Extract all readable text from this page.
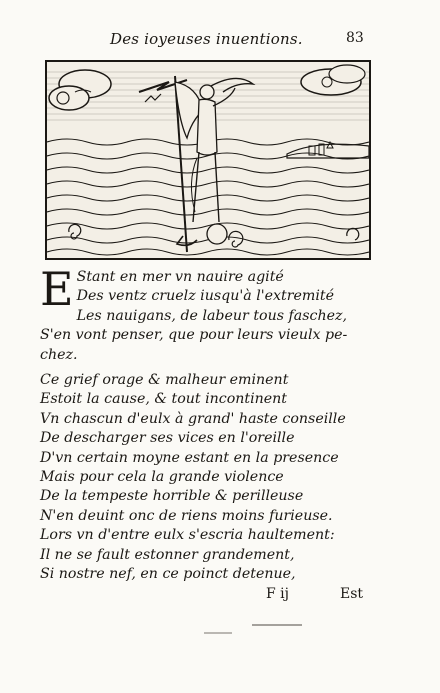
Des ioyeuses inuentions.	83
E Stant en mer vn nauire agité
Des ventz cruelz iusqu'à l'extremité
Les nauigans, de labeur tous faschez,
S'en vont penser, que pour leurs vieulx pe-
chez.
Ce grief orage & malheur eminent
Estoit la cause, & tout incontinent
Vn chascun d'eulx à grand' haste conseille
De descharger ses vices en l'oreille
D'vn certain moyne estant en la presence
Mais pour cela la grande violence
De la tempeste horrible & perilleuse
N'en deuint onc de riens moins furieuse.
Lors vn d'entre eulx s'escria haultement:
Il ne se fault estonner grandement,
Si nostre nef, en ce poinct detenue,
F ij	Est
